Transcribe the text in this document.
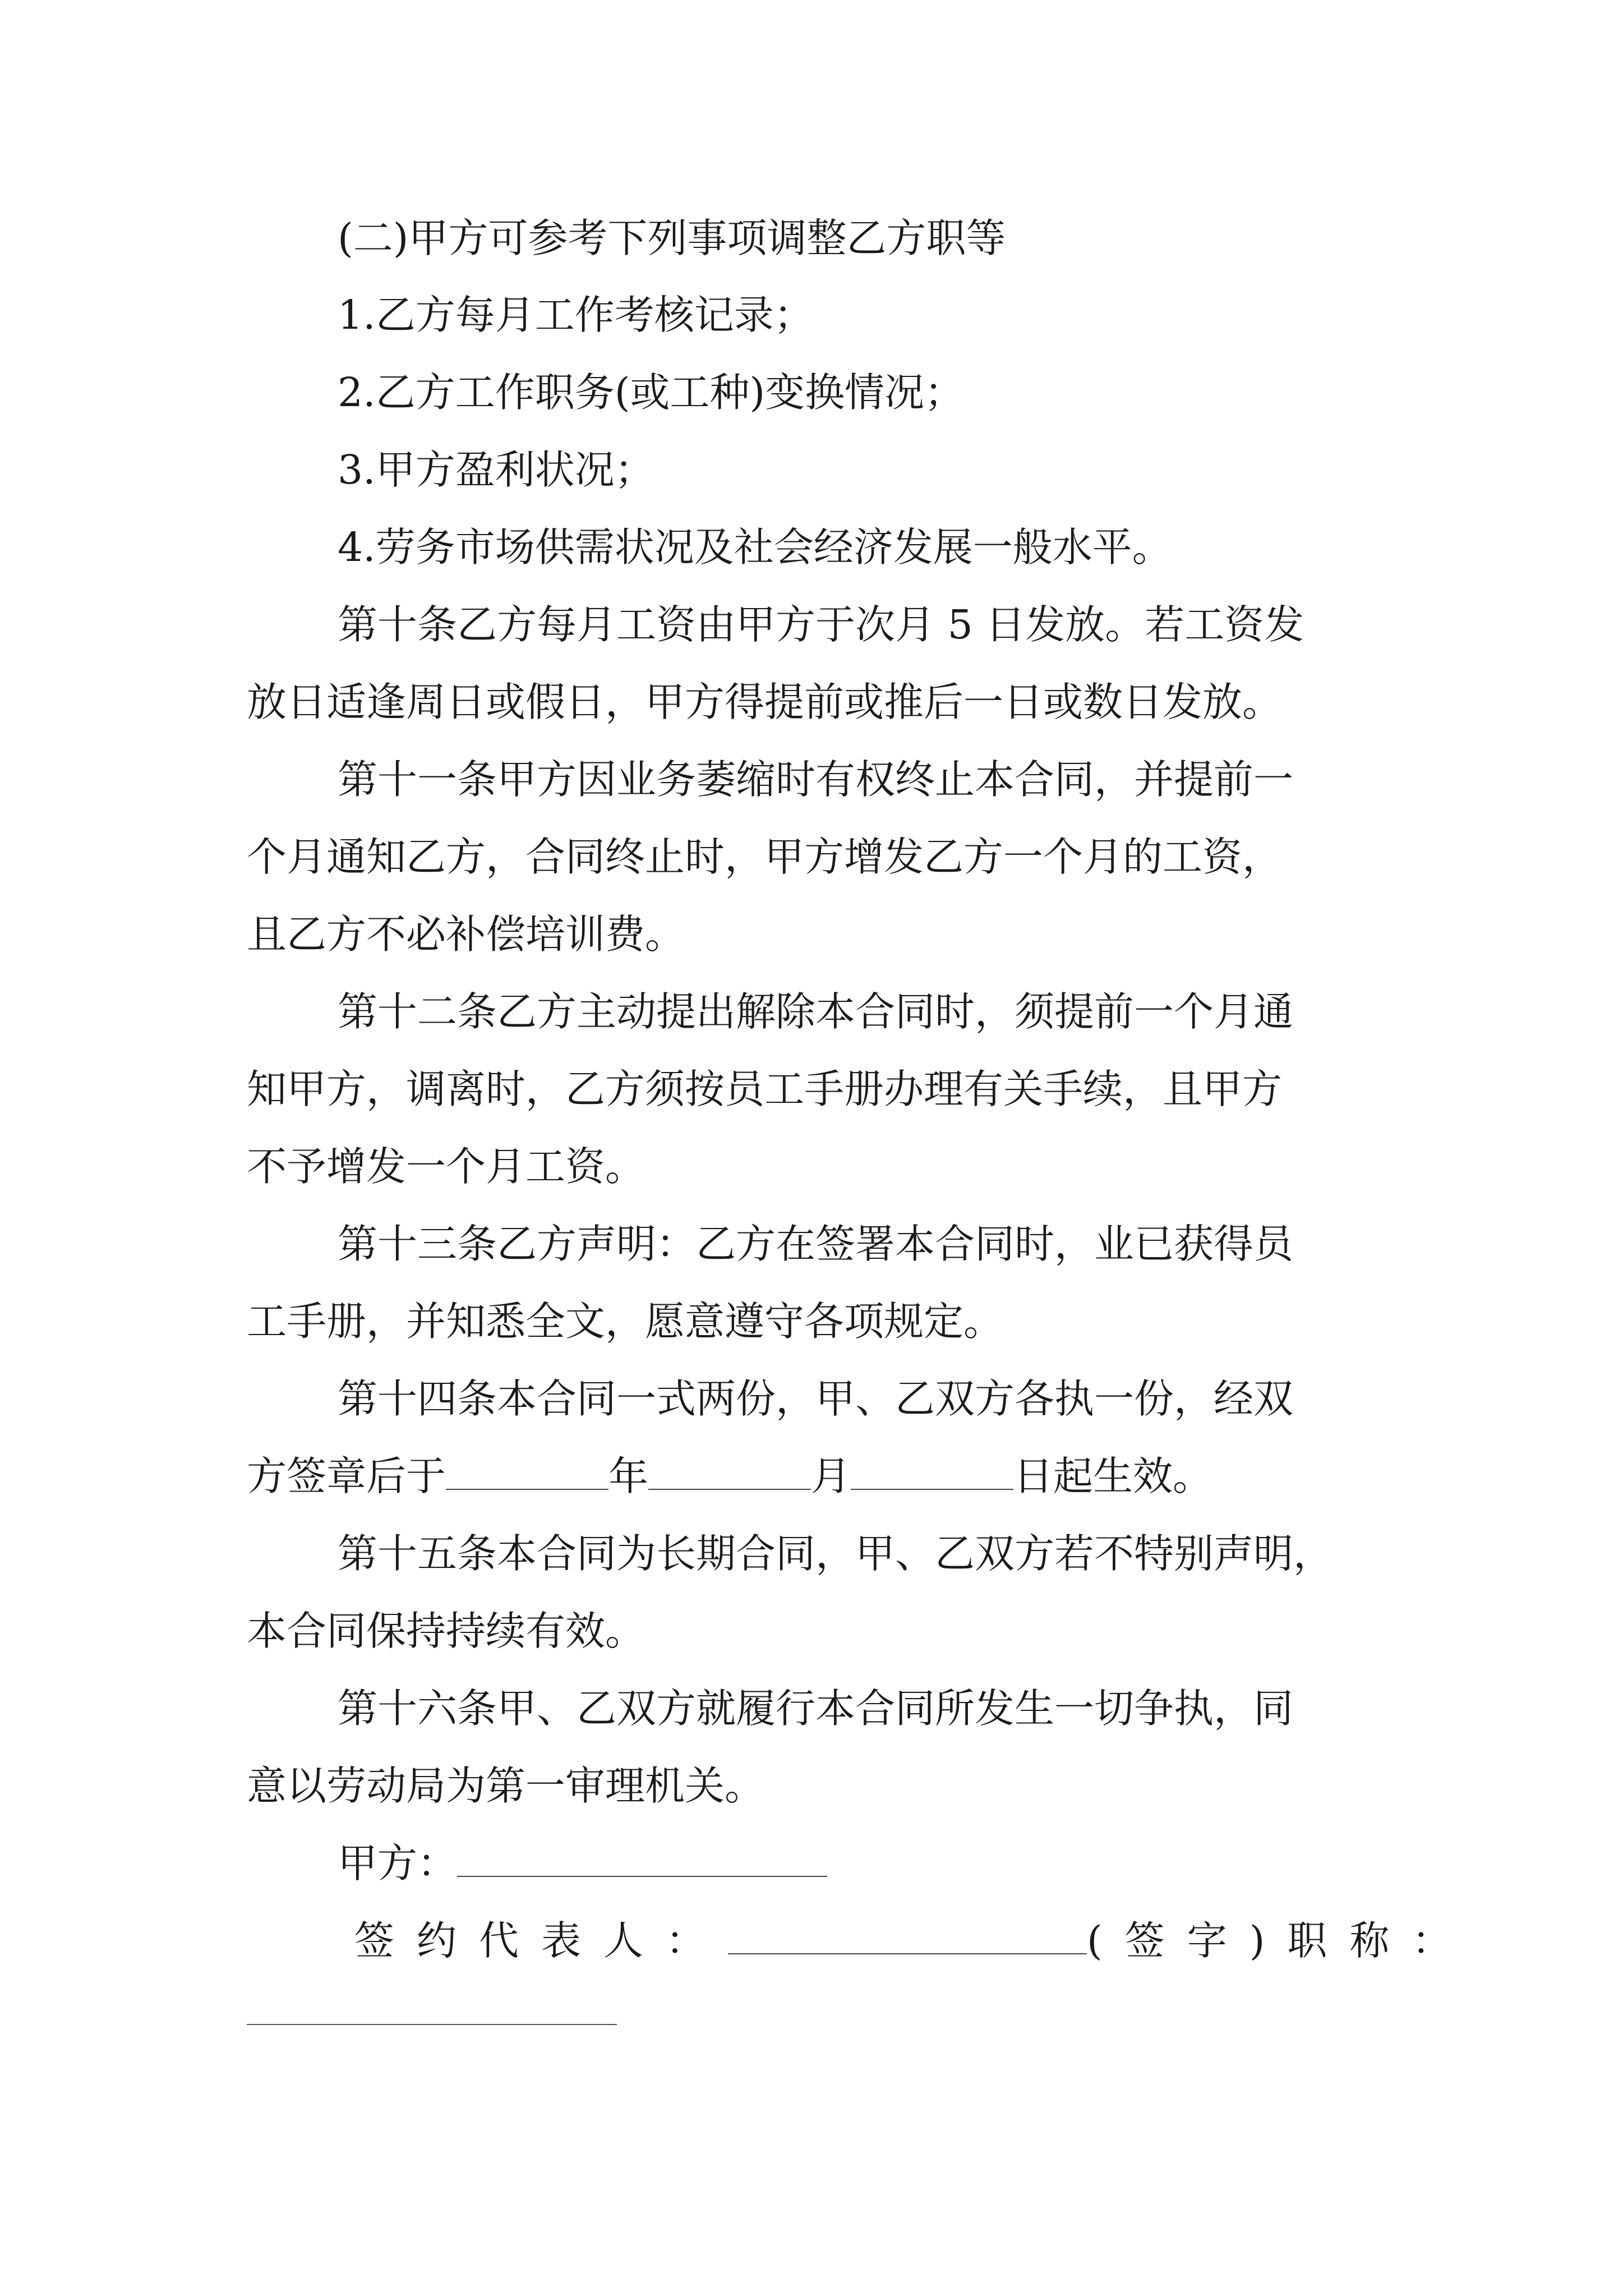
(二)甲方可参考下列事项调整乙方职等

1.乙方每月工作考核记录；

2.乙方工作职务(或工种)变换情况；

3.甲方盈利状况；

4.劳务市场供需状况及社会经济发展一般水平。

第十条乙方每月工资由甲方于次月 5 日发放。若工资发

放日适逢周日或假日，甲方得提前或推后一日或数日发放。

第十一条甲方因业务萎缩时有权终止本合同，并提前一

个月通知乙方，合同终止时，甲方增发乙方一个月的工资，

且乙方不必补偿培训费。

第十二条乙方主动提出解除本合同时，须提前一个月通

知甲方，调离时，乙方须按员工手册办理有关手续，且甲方

不予增发一个月工资。

第十三条乙方声明：乙方在签署本合同时，业已获得员

工手册，并知悉全文，愿意遵守各项规定。

第十四条本合同一式两份，甲、乙双方各执一份，经双

方签章后于	年	月	日起生效。

第十五条本合同为长期合同，甲、乙双方若不特别声明，

本合同保持持续有效。

第十六条甲、乙双方就履行本合同所发生一切争执，同

意以劳动局为第一审理机关。

甲方：

签约代表人：	(签字)职称：
